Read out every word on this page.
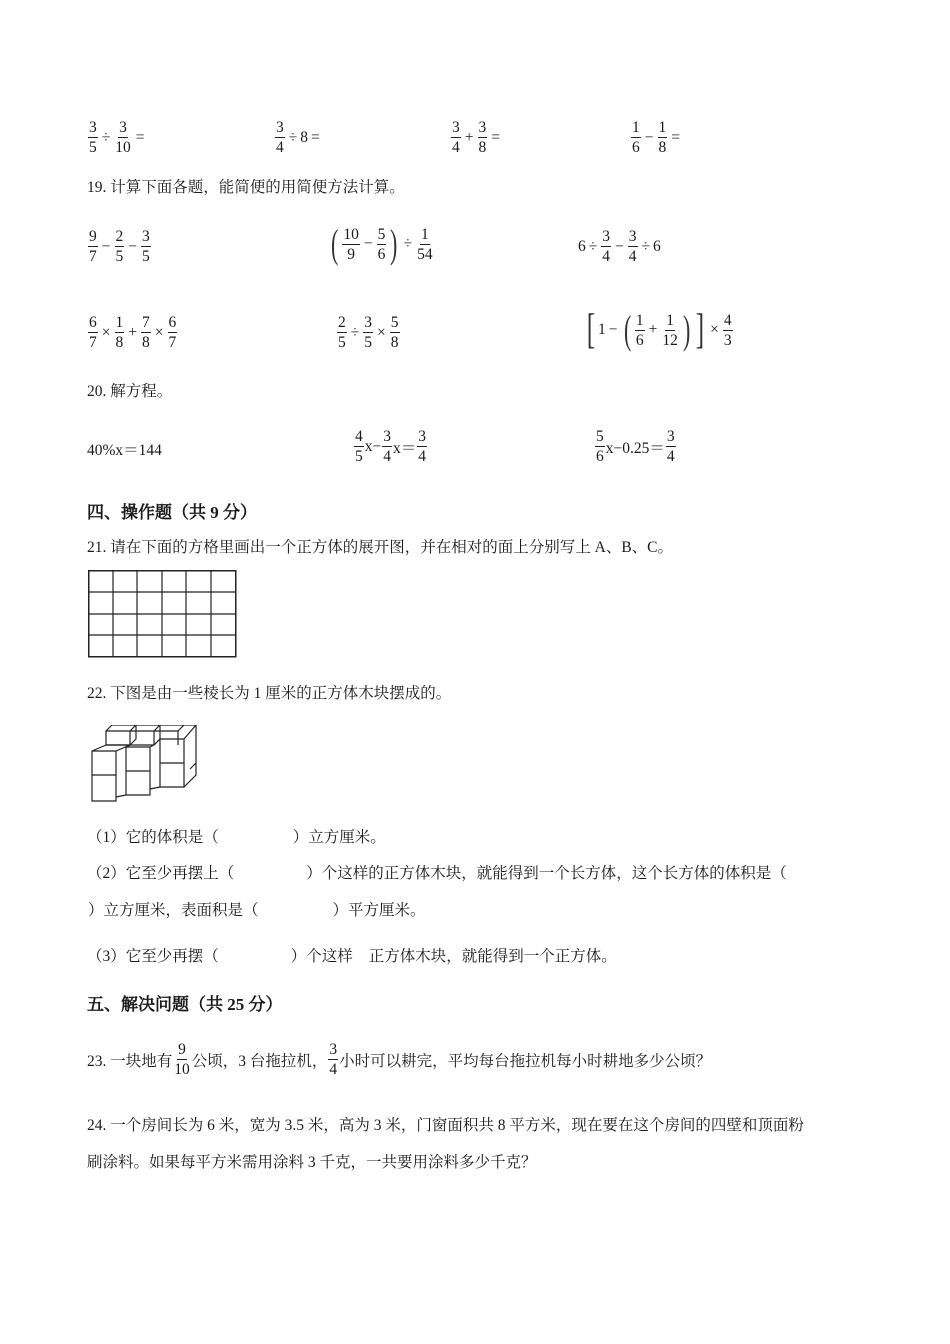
$\frac{3}{5} \div \frac{3}{10}$ =	$\frac{3}{4} \div 8$ =	$\frac{3}{4} + \frac{3}{8}$ =	$\frac{1}{6} - \frac{1}{8}$ =
19. 计算下面各题，能简便的用简便方法计算。
$\frac{9}{7} - \frac{2}{5} - \frac{3}{5}$	( $\frac{10}{9} - \frac{5}{6}$ ) ÷ $\frac{1}{54}$	$6 \div \frac{3}{4} - \frac{3}{4} \div 6$
$\frac{6}{7} \times \frac{1}{8} + \frac{7}{8} \times \frac{6}{7}$	$\frac{2}{5} \div \frac{3}{5} \times \frac{5}{8}$	[ 1 − ( $\frac{1}{6} + \frac{1}{12}$ ) ] × $\frac{4}{3}$
20. 解方程。
40%x＝144	$\frac{4}{5} x- \frac{3}{4} x= \frac{3}{4}$	$\frac{5}{6} x-0.25= \frac{3}{4}$
四、操作题（共 9 分）
21. 请在下面的方格里画出一个正方体的展开图，并在相对的面上分别写上 A、B、C。
22. 下图是由一些棱长为 1 厘米的正方体木块摆成的。
（1）它的体积是（	）立方厘米。
（2）它至少再摆上（	）个这样的正方体木块，就能得到一个长方体，这个长方体的体积是（
）立方厘米，表面积是（	）平方厘米。
（3）它至少再摆（	）个这样 正方体木块，就能得到一个正方体。
五、解决问题（共 25 分）
23. 一块地有 $\frac{9}{10}$ 公顷，3 台拖拉机， $\frac{3}{4}$ 小时可以耕完，平均每台拖拉机每小时耕地多少公顷？
24. 一个房间长为 6 米，宽为 3.5 米，高为 3 米，门窗面积共 8 平方米，现在要在这个房间的四壁和顶面粉
刷涂料。如果每平方米需用涂料 3 千克，一共要用涂料多少千克？
